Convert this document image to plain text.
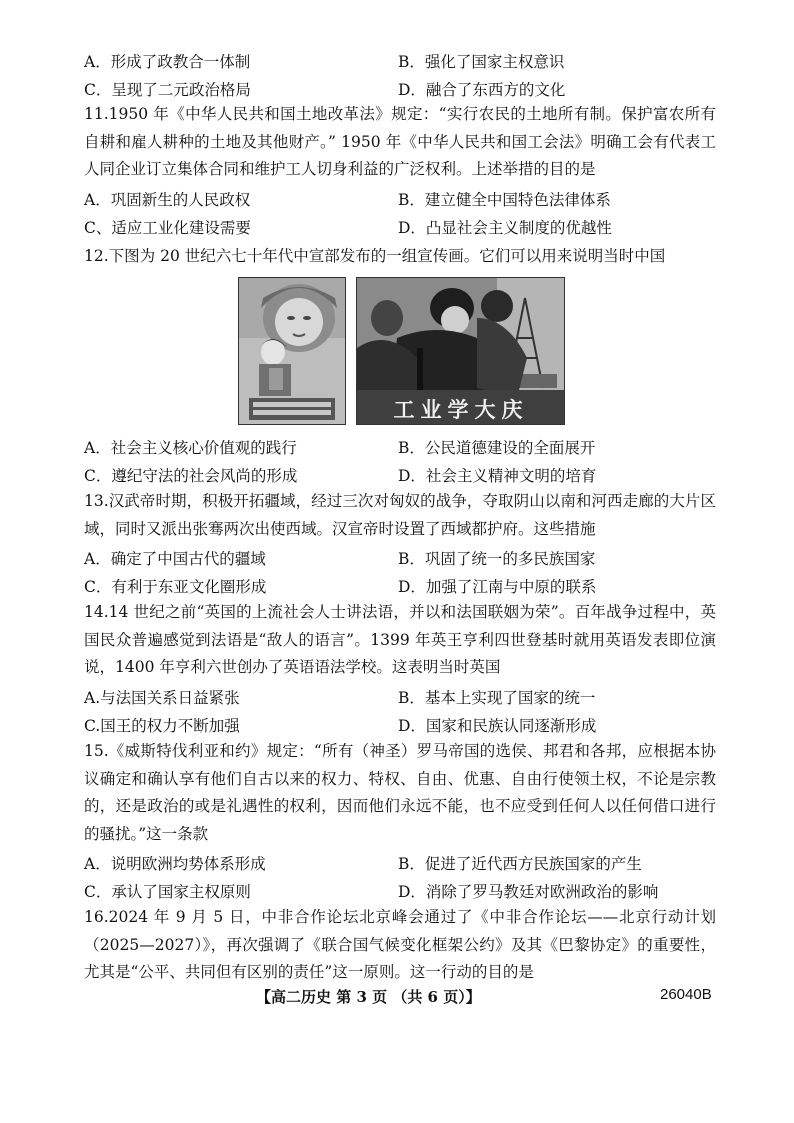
A．形成了政教合一体制	B．强化了国家主权意识
C．呈现了二元政治格局	D．融合了东西方的文化
11.1950 年《中华人民共和国土地改革法》规定：“实行农民的土地所有制。保护富农所有自耕和雇人耕种的土地及其他财产。” 1950 年《中华人民共和国工会法》明确工会有代表工人同企业订立集体合同和维护工人切身利益的广泛权利。上述举措的目的是
A．巩固新生的人民政权	B．建立健全中国特色法律体系
C、适应工业化建设需要	D．凸显社会主义制度的优越性
12.下图为 20 世纪六七十年代中宣部发布的一组宣传画。它们可以用来说明当时中国
工业学大庆
A．社会主义核心价值观的践行	B．公民道德建设的全面展开
C．遵纪守法的社会风尚的形成	D．社会主义精神文明的培育
13.汉武帝时期，积极开拓疆域，经过三次对匈奴的战争，夺取阴山以南和河西走廊的大片区域，同时又派出张骞两次出使西域。汉宣帝时设置了西域都护府。这些措施
A．确定了中国古代的疆域	B．巩固了统一的多民族国家
C．有利于东亚文化圈形成	D．加强了江南与中原的联系
14.14 世纪之前“英国的上流社会人士讲法语，并以和法国联姻为荣”。百年战争过程中，英国民众普遍感觉到法语是“敌人的语言”。1399 年英王亨利四世登基时就用英语发表即位演说，1400 年亨利六世创办了英语语法学校。这表明当时英国
A.与法国关系日益紧张	B．基本上实现了国家的统一
C.国王的权力不断加强	D．国家和民族认同逐渐形成
15.《威斯特伐利亚和约》规定：“所有（神圣）罗马帝国的选侯、邦君和各邦，应根据本协议确定和确认享有他们自古以来的权力、特权、自由、优惠、自由行使领土权，不论是宗教的，还是政治的或是礼遇性的权利，因而他们永远不能，也不应受到任何人以任何借口进行的骚扰。”这一条款
A．说明欧洲均势体系形成	B．促进了近代西方民族国家的产生
C．承认了国家主权原则	D．消除了罗马教廷对欧洲政治的影响
16.2024 年 9 月 5 日，中非合作论坛北京峰会通过了《中非合作论坛——北京行动计划（2025—2027）》，再次强调了《联合国气候变化框架公约》及其《巴黎协定》的重要性，尤其是“公平、共同但有区别的责任”这一原则。这一行动的目的是
【高二历史 第 3 页 （共 6 页）】	26040B
